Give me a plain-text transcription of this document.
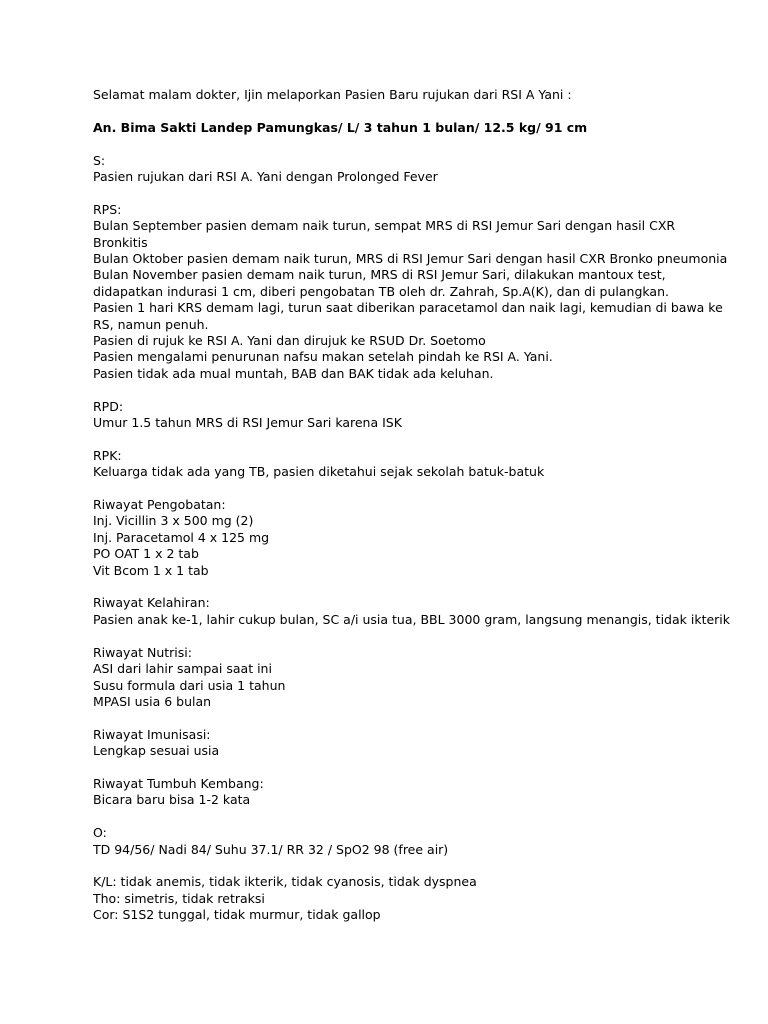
Selamat malam dokter, Ijin melaporkan Pasien Baru rujukan dari RSI A Yani :
An. Bima Sakti Landep Pamungkas/ L/ 3 tahun 1 bulan/ 12.5 kg/ 91 cm
S:
Pasien rujukan dari RSI A. Yani dengan Prolonged Fever
RPS:
Bulan September pasien demam naik turun, sempat MRS di RSI Jemur Sari dengan hasil CXR
Bronkitis
Bulan Oktober pasien demam naik turun, MRS di RSI Jemur Sari dengan hasil CXR Bronko pneumonia
Bulan November pasien demam naik turun, MRS di RSI Jemur Sari, dilakukan mantoux test,
didapatkan indurasi 1 cm, diberi pengobatan TB oleh dr. Zahrah, Sp.A(K), dan di pulangkan.
Pasien 1 hari KRS demam lagi, turun saat diberikan paracetamol dan naik lagi, kemudian di bawa ke
RS, namun penuh.
Pasien di rujuk ke RSI A. Yani dan dirujuk ke RSUD Dr. Soetomo
Pasien mengalami penurunan nafsu makan setelah pindah ke RSI A. Yani.
Pasien tidak ada mual muntah, BAB dan BAK tidak ada keluhan.
RPD:
Umur 1.5 tahun MRS di RSI Jemur Sari karena ISK
RPK:
Keluarga tidak ada yang TB, pasien diketahui sejak sekolah batuk-batuk
Riwayat Pengobatan:
Inj. Vicillin 3 x 500 mg (2)
Inj. Paracetamol 4 x 125 mg
PO OAT 1 x 2 tab
Vit Bcom 1 x 1 tab
Riwayat Kelahiran:
Pasien anak ke-1, lahir cukup bulan, SC a/i usia tua, BBL 3000 gram, langsung menangis, tidak ikterik
Riwayat Nutrisi:
ASI dari lahir sampai saat ini
Susu formula dari usia 1 tahun
MPASI usia 6 bulan
Riwayat Imunisasi:
Lengkap sesuai usia
Riwayat Tumbuh Kembang:
Bicara baru bisa 1-2 kata
O:
TD 94/56/ Nadi 84/ Suhu 37.1/ RR 32 / SpO2 98 (free air)
K/L: tidak anemis, tidak ikterik, tidak cyanosis, tidak dyspnea
Tho: simetris, tidak retraksi
Cor: S1S2 tunggal, tidak murmur, tidak gallop
